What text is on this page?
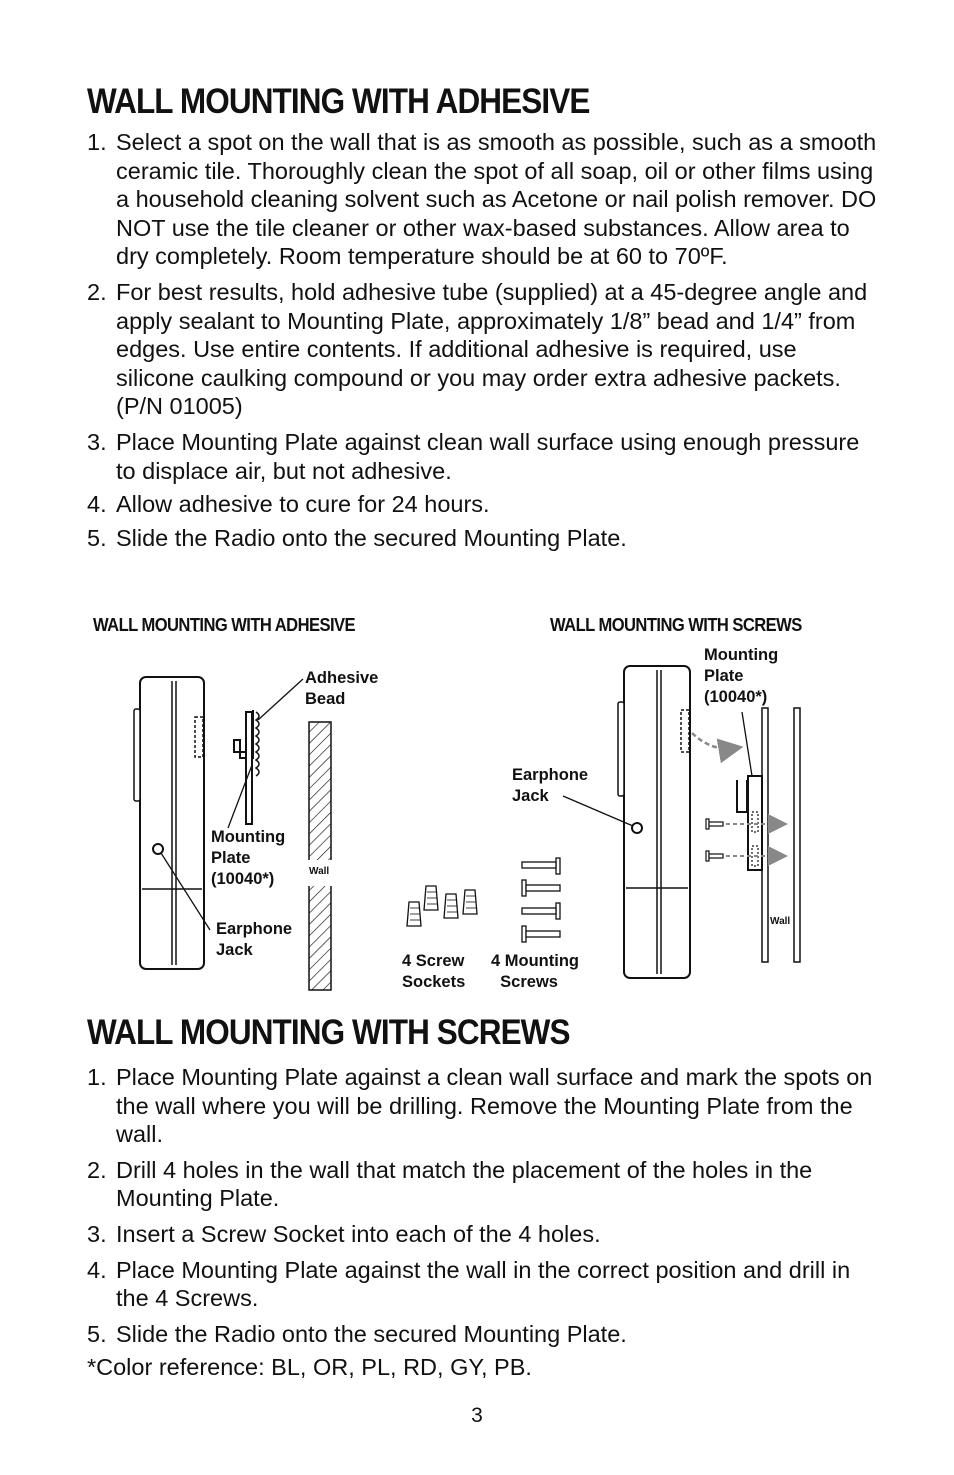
WALL MOUNTING WITH ADHESIVE
1. Select a spot on the wall that is as smooth as possible, such as a smooth ceramic tile. Thoroughly clean the spot of all soap, oil or other films using a household cleaning solvent such as Acetone or nail polish remover. DO NOT use the tile cleaner or other wax-based substances. Allow area to dry completely. Room temperature should be at 60 to 70ºF.
2. For best results, hold adhesive tube (supplied) at a 45-degree angle and apply sealant to Mounting Plate, approximately 1/8” bead and 1/4” from edges. Use entire contents. If additional adhesive is required, use silicone caulking compound or you may order extra adhesive packets. (P/N 01005)
3. Place Mounting Plate against clean wall surface using enough pressure to displace air, but not adhesive.
4. Allow adhesive to cure for 24 hours.
5. Slide the Radio onto the secured Mounting Plate.
WALL MOUNTING WITH ADHESIVE	WALL MOUNTING WITH SCREWS
Adhesive
Bead
Mounting
Plate
(10040*)
Earphone
Jack
Wall
4 Screw
Sockets
4 Mounting
Screws
Mounting
Plate
(10040*)
Earphone
Jack
Wall
WALL MOUNTING WITH SCREWS
1. Place Mounting Plate against a clean wall surface and mark the spots on the wall where you will be drilling. Remove the Mounting Plate from the wall.
2. Drill 4 holes in the wall that match the placement of the holes in the Mounting Plate.
3. Insert a Screw Socket into each of the 4 holes.
4. Place Mounting Plate against the wall in the correct position and drill in the 4 Screws.
5. Slide the Radio onto the secured Mounting Plate.
*Color reference: BL, OR, PL, RD, GY, PB.
3
